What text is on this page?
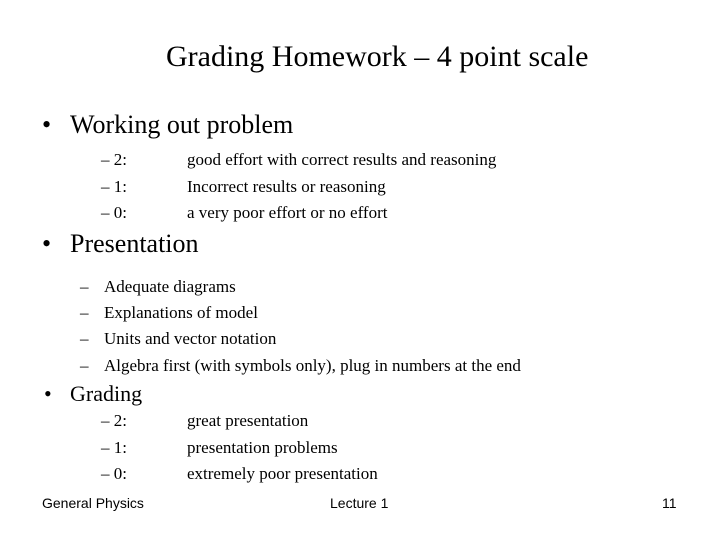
Grading Homework – 4 point scale
• Working out problem
– 2:	good effort with correct results and reasoning
– 1:	Incorrect results or reasoning
– 0:	a very poor effort or no effort
• Presentation
– Adequate diagrams
– Explanations of model
– Units and vector notation
– Algebra first (with symbols only), plug in numbers at the end
• Grading
– 2:	great presentation
– 1:	presentation problems
– 0:	extremely poor presentation
General Physics	Lecture 1	11
